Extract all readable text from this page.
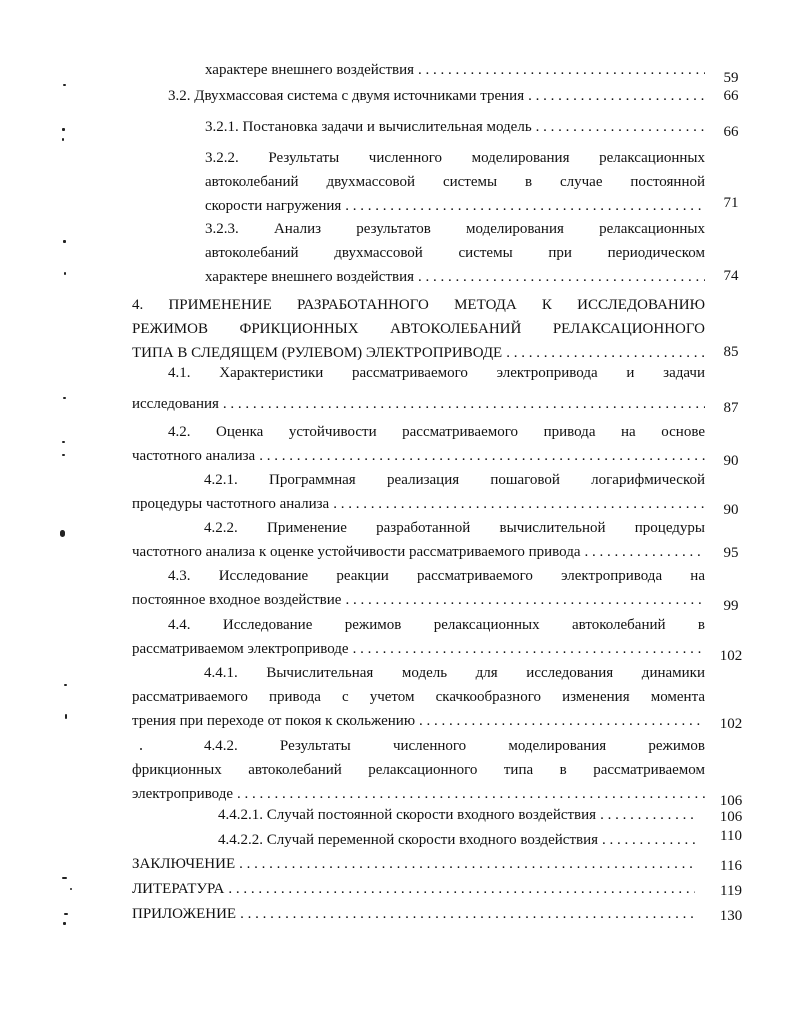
характере внешнего воздействия . . .	59
3.2. Двухмассовая система с двумя источниками трения . . .	66
3.2.1. Постановка задачи и вычислительная модель . . .	66
3.2.2. Результаты численного моделирования релаксационных
автоколебаний двухмассовой системы в случае постоянной
скорости нагружения . . .	71
3.2.3. Анализ результатов моделирования релаксационных
автоколебаний двухмассовой системы при периодическом
характере внешнего воздействия . . .	74
4. ПРИМЕНЕНИЕ РАЗРАБОТАННОГО МЕТОДА К ИССЛЕДОВАНИЮ
РЕЖИМОВ ФРИКЦИОННЫХ АВТОКОЛЕБАНИЙ РЕЛАКСАЦИОННОГО
ТИПА В СЛЕДЯЩЕМ (РУЛЕВОМ) ЭЛЕКТРОПРИВОДЕ . . .	85
4.1. Характеристики рассматриваемого электропривода и задачи
исследования . . .	87
4.2. Оценка устойчивости рассматриваемого привода на основе
частотного анализа . . .	90
4.2.1. Программная реализация пошаговой логарифмической
процедуры частотного анализа . . .	90
4.2.2. Применение разработанной вычислительной процедуры
частотного анализа к оценке устойчивости рассматриваемого привода . . .	95
4.3. Исследование реакции рассматриваемого электропривода на
постоянное входное воздействие . . .	99
4.4. Исследование режимов релаксационных автоколебаний в
рассматриваемом электроприводе . . .	102
4.4.1. Вычислительная модель для исследования динамики
рассматриваемого привода с учетом скачкообразного изменения момента
трения при переходе от покоя к скольжению . . .	102
4.4.2. Результаты численного моделирования режимов
фрикционных автоколебаний релаксационного типа в рассматриваемом
электроприводе . . .	106
4.4.2.1. Случай постоянной скорости входного воздействия . . .	106
4.4.2.2. Случай переменной скорости входного воздействия . . .	110
ЗАКЛЮЧЕНИЕ . . .	116
ЛИТЕРАТУРА . . .	119
ПРИЛОЖЕНИЕ . . .	130
